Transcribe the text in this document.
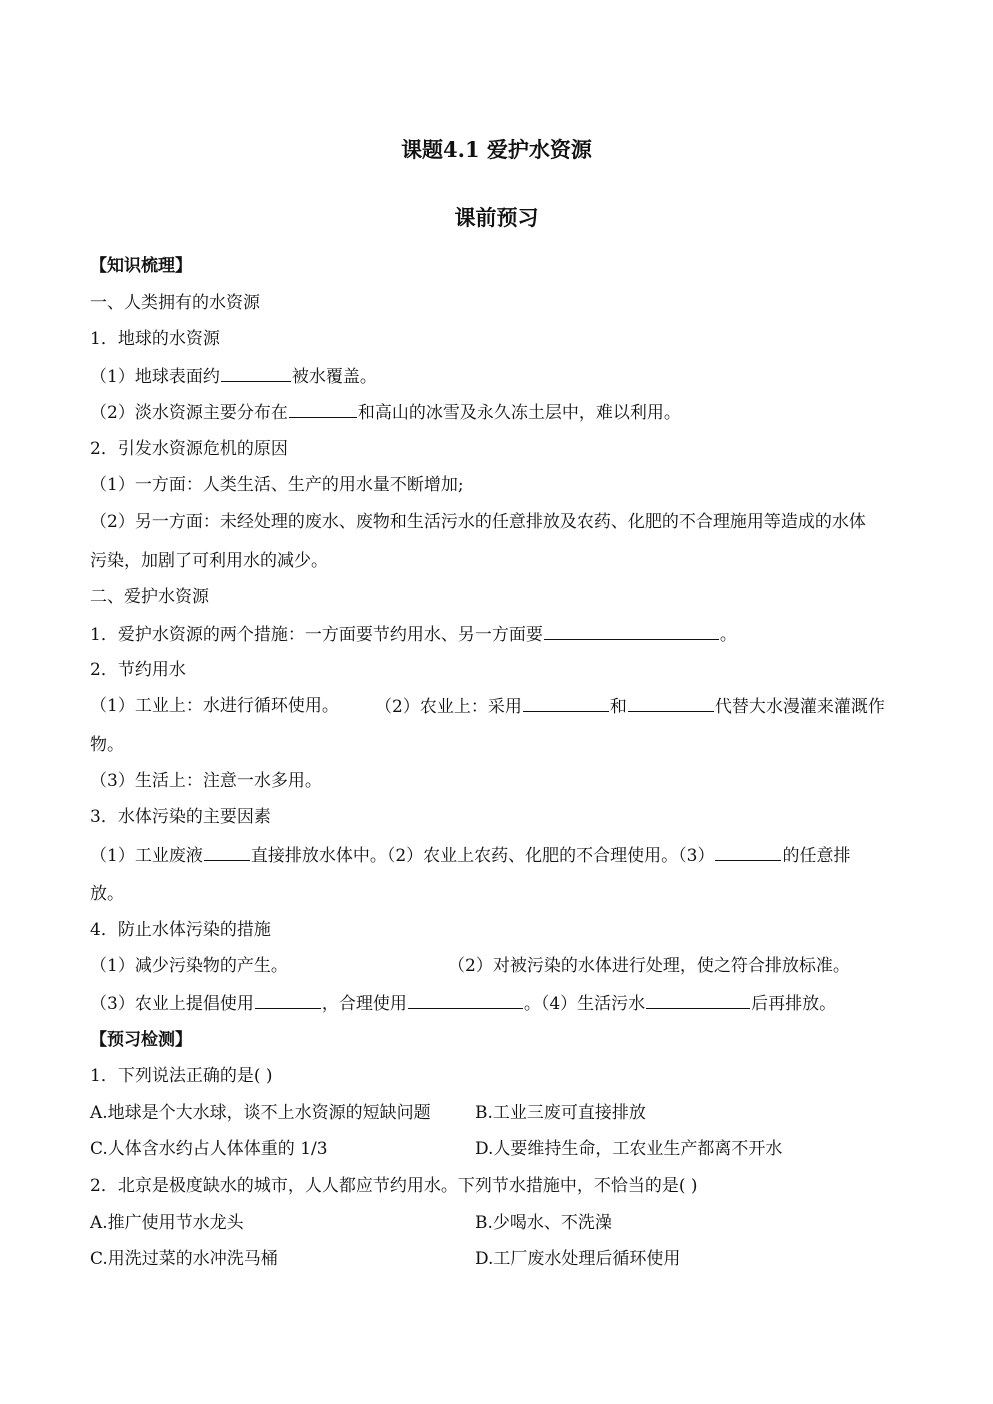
课题4.1 爱护水资源
课前预习
【知识梳理】
一、人类拥有的水资源
1．地球的水资源
（1）地球表面约	被水覆盖。
（2）淡水资源主要分布在	和高山的冰雪及永久冻土层中，难以利用。
2．引发水资源危机的原因
（1）一方面：人类生活、生产的用水量不断增加;
（2）另一方面：未经处理的废水、废物和生活污水的任意排放及农药、化肥的不合理施用等造成的水体
污染，加剧了可利用水的减少。
二、爱护水资源
1．爱护水资源的两个措施：一方面要节约用水、另一方面要	。
2．节约用水
（1）工业上：水进行循环使用。 （2）农业上：采用	和	代替大水漫灌来灌溉作
物。
（3）生活上：注意一水多用。
3．水体污染的主要因素
（1）工业废液	直接排放水体中。（2）农业上农药、化肥的不合理使用。（3）	的任意排
放。
4．防止水体污染的措施
（1）减少污染物的产生。	（2）对被污染的水体进行处理，使之符合排放标准。
（3）农业上提倡使用	，合理使用	。（4）生活污水	后再排放。
【预习检测】
1．下列说法正确的是( )
A.地球是个大水球，谈不上水资源的短缺问题	B.工业三废可直接排放
C.人体含水约占人体体重的 1/3	D.人要维持生命，工农业生产都离不开水
2．北京是极度缺水的城市，人人都应节约用水。下列节水措施中，不恰当的是( )
A.推广使用节水龙头	B.少喝水、不洗澡
C.用洗过菜的水冲洗马桶	D.工厂废水处理后循环使用
